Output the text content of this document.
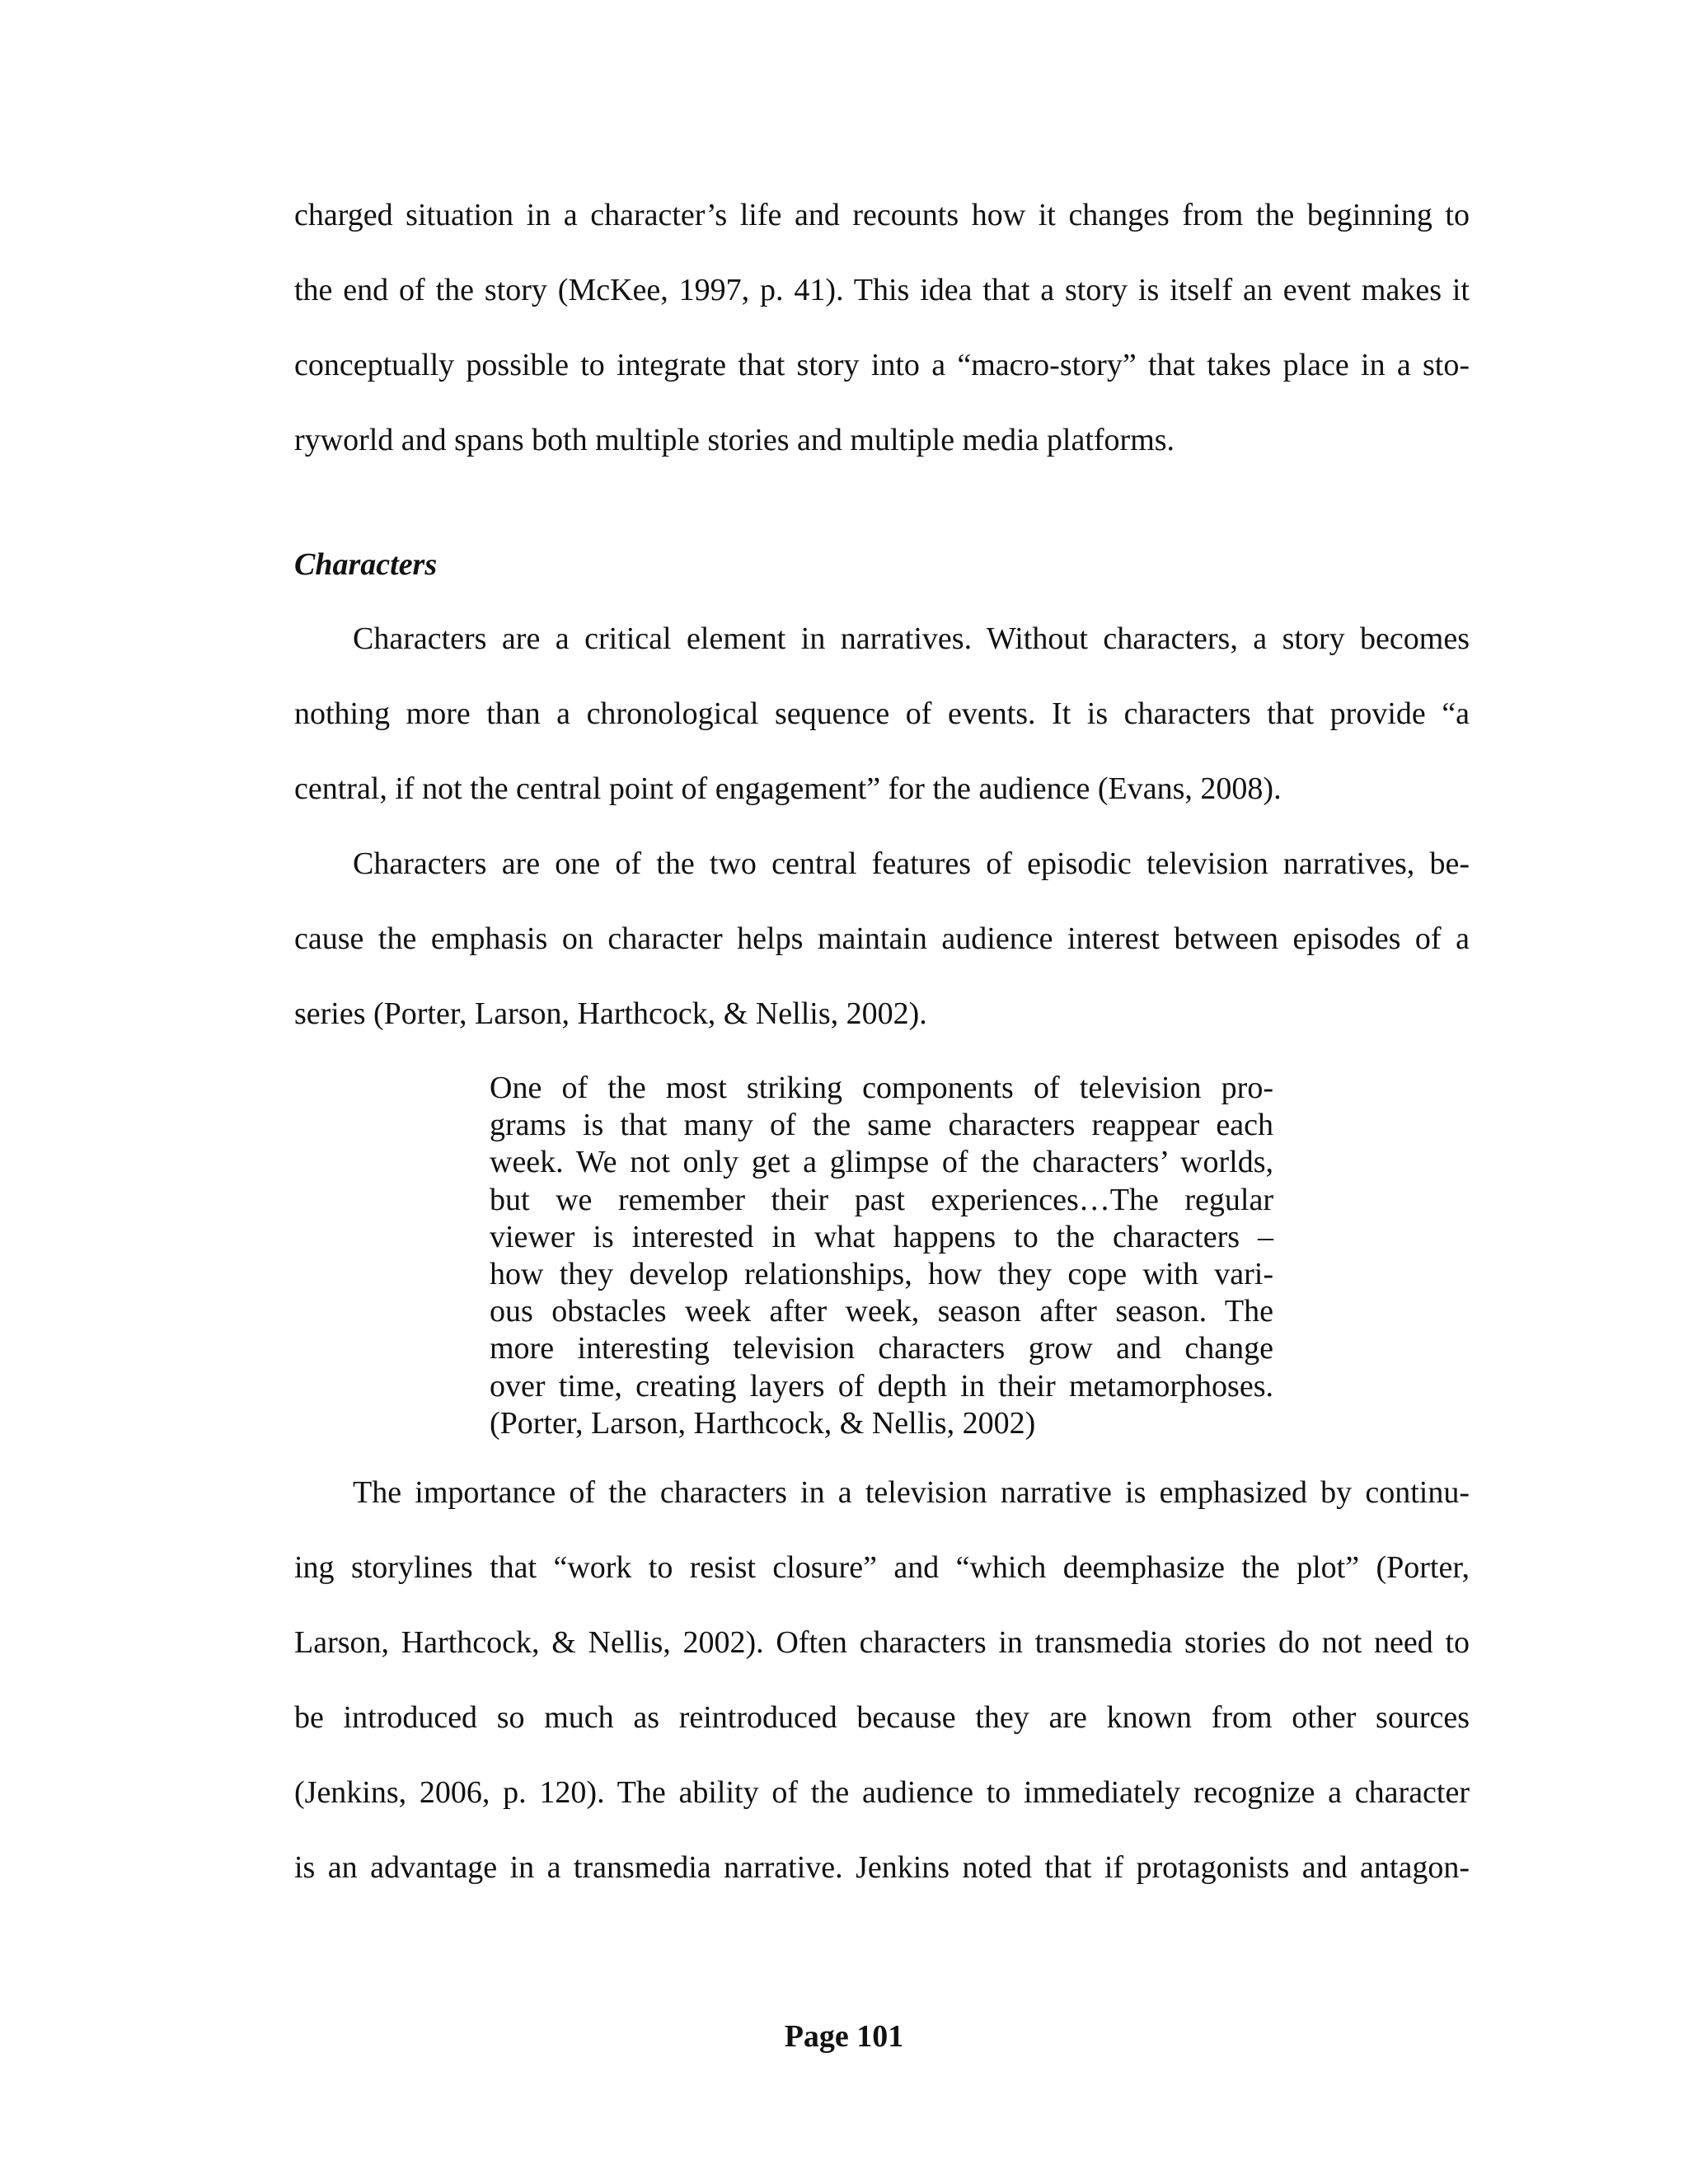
charged situation in a character’s life and recounts how it changes from the beginning to
the end of the story (McKee, 1997, p. 41). This idea that a story is itself an event makes it
conceptually possible to integrate that story into a “macro-story” that takes place in a sto-
ryworld and spans both multiple stories and multiple media platforms.
Characters
Characters are a critical element in narratives. Without characters, a story becomes
nothing more than a chronological sequence of events. It is characters that provide “a
central, if not the central point of engagement” for the audience (Evans, 2008).
Characters are one of the two central features of episodic television narratives, be-
cause the emphasis on character helps maintain audience interest between episodes of a
series (Porter, Larson, Harthcock, & Nellis, 2002).
One of the most striking components of television pro-
grams is that many of the same characters reappear each
week. We not only get a glimpse of the characters’ worlds,
but we remember their past experiences…The regular
viewer is interested in what happens to the characters –
how they develop relationships, how they cope with vari-
ous obstacles week after week, season after season. The
more interesting television characters grow and change
over time, creating layers of depth in their metamorphoses.
(Porter, Larson, Harthcock, & Nellis, 2002)
The importance of the characters in a television narrative is emphasized by continu-
ing storylines that “work to resist closure” and “which deemphasize the plot” (Porter,
Larson, Harthcock, & Nellis, 2002). Often characters in transmedia stories do not need to
be introduced so much as reintroduced because they are known from other sources
(Jenkins, 2006, p. 120). The ability of the audience to immediately recognize a character
is an advantage in a transmedia narrative. Jenkins noted that if protagonists and antagon-
Page 101
